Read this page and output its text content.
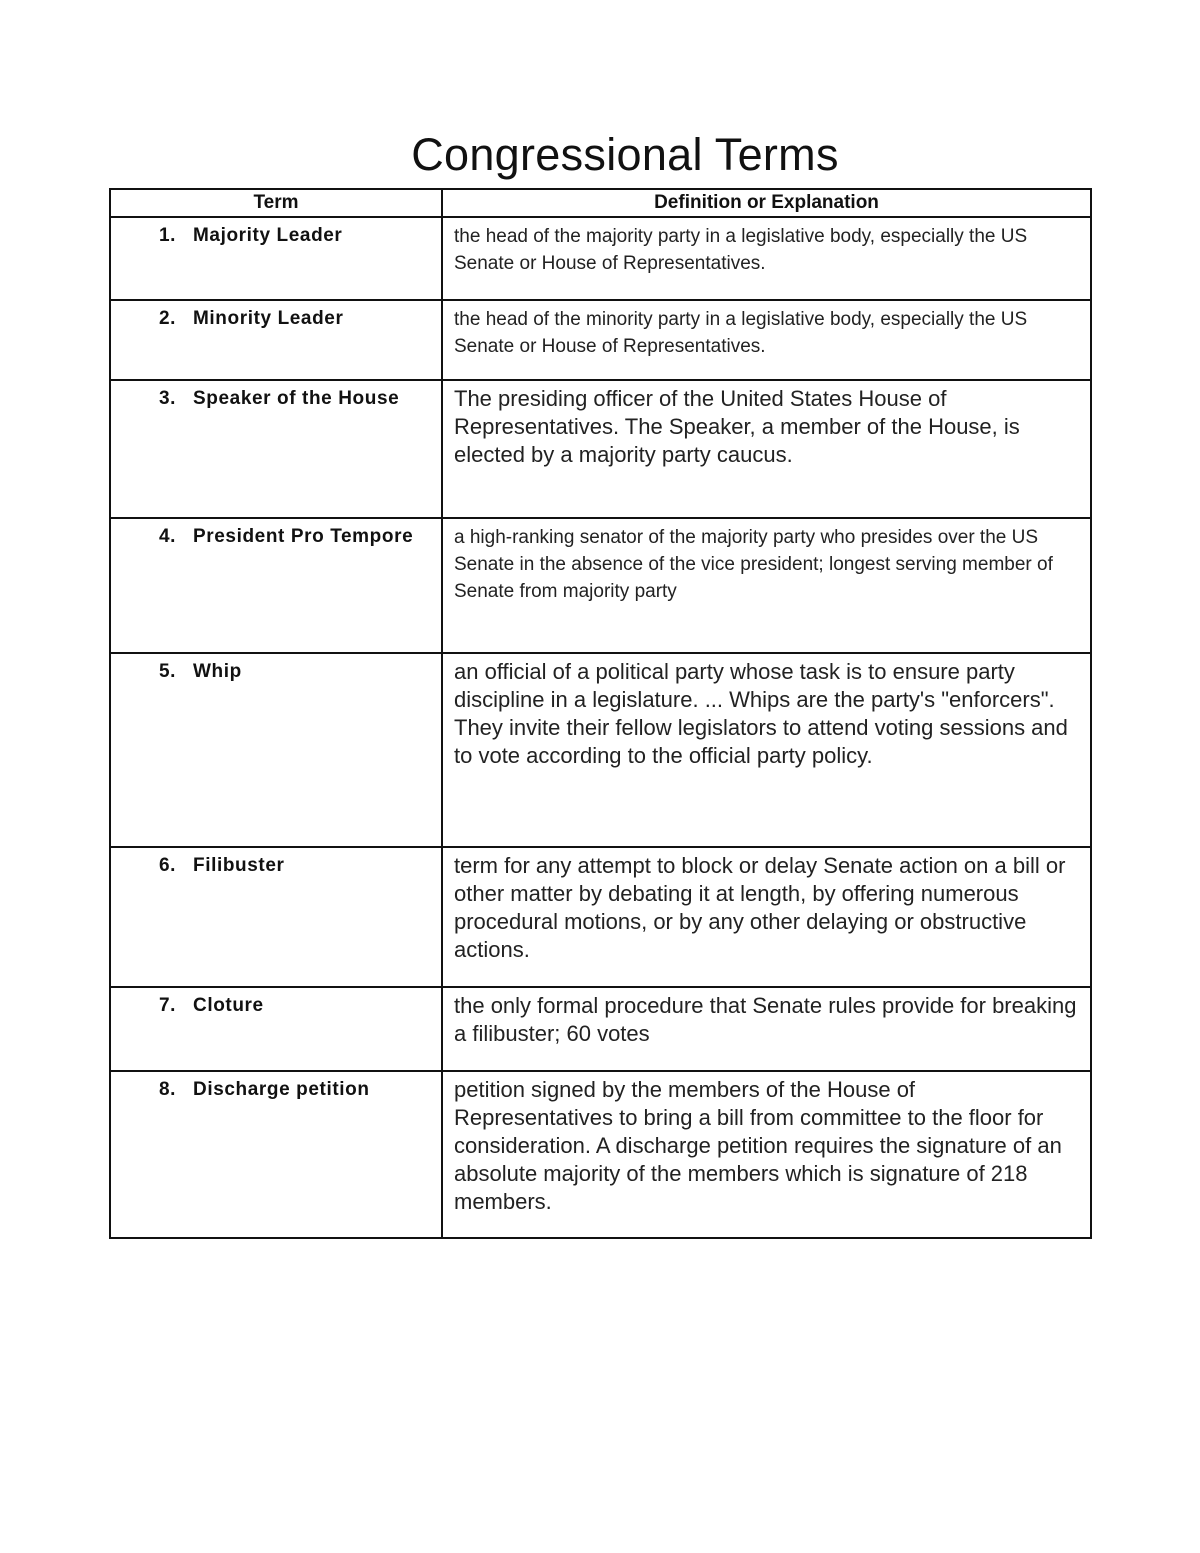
Congressional Terms
Term	Definition or Explanation
1. Majority Leader	the head of the majority party in a legislative body, especially the US Senate or House of Representatives.

2. Minority Leader	the head of the minority party in a legislative body, especially the US Senate or House of Representatives.

3. Speaker of the House	The presiding officer of the United States House of Representatives. The Speaker, a member of the House, is elected by a majority party caucus.

4. President Pro Tempore	a high-ranking senator of the majority party who presides over the US Senate in the absence of the vice president; longest serving member of Senate from majority party

5. Whip	an official of a political party whose task is to ensure party discipline in a legislature. ... Whips are the party's "enforcers". They invite their fellow legislators to attend voting sessions and to vote according to the official party policy.

6. Filibuster	term for any attempt to block or delay Senate action on a bill or other matter by debating it at length, by offering numerous procedural motions, or by any other delaying or obstructive actions.

7. Cloture	the only formal procedure that Senate rules provide for breaking a filibuster; 60 votes

8. Discharge petition	petition signed by the members of the House of Representatives to bring a bill from committee to the floor for consideration. A discharge petition requires the signature of an absolute majority of the members which is signature of 218 members.
